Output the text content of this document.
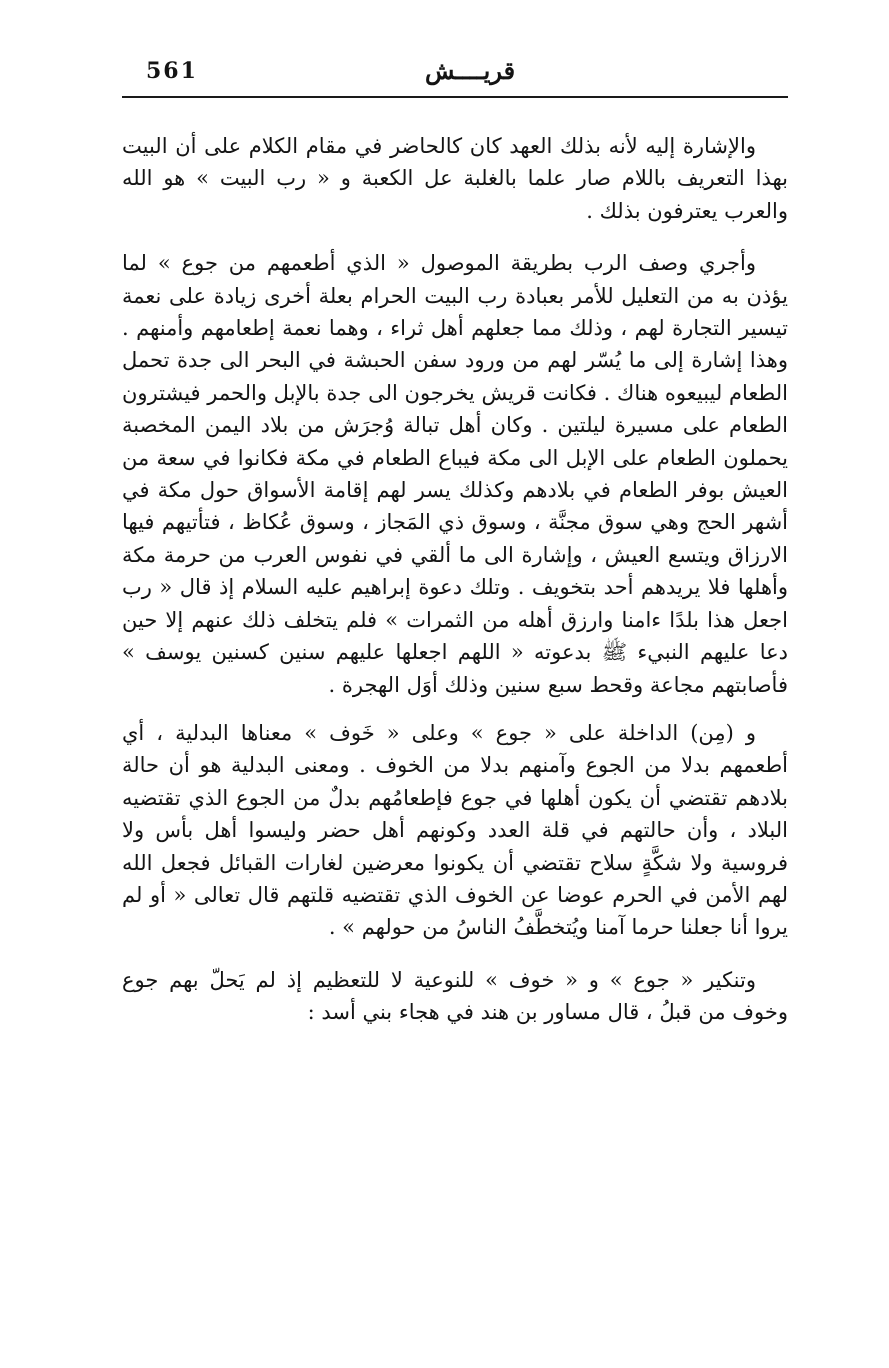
561	قريــــش

والإشارة إليه لأنه بذلك العهد كان كالحاضر في مقام الكلام على أن البيت بهذا التعريف باللام صار علما بالغلبة عل الكعبة و « رب البيت » هو الله والعرب يعترفون بذلك .

وأجري وصف الرب بطريقة الموصول « الذي أطعمهم من جوع » لما يؤذن به من التعليل للأمر بعبادة رب البيت الحرام بعلة أخرى زيادة على نعمة تيسير التجارة لهم ، وذلك مما جعلهم أهل ثراء ، وهما نعمة إطعامهم وأمنهم . وهذا إشارة إلى ما يُسّر لهم من ورود سفن الحبشة في البحر الى جدة تحمل الطعام ليبيعوه هناك . فكانت قريش يخرجون الى جدة بالإبل والحمر فيشترون الطعام على مسيرة ليلتين . وكان أهل تبالة وُجرَش من بلاد اليمن المخصبة يحملون الطعام على الإبل الى مكة فيباع الطعام في مكة فكانوا في سعة من العيش بوفر الطعام في بلادهم وكذلك يسر لهم إقامة الأسواق حول مكة في أشهر الحج وهي سوق مجنَّة ، وسوق ذي المَجاز ، وسوق عُكاظ ، فتأتيهم فيها الارزاق ويتسع العيش ، وإشارة الى ما ألقي في نفوس العرب من حرمة مكة وأهلها فلا يريدهم أحد بتخويف . وتلك دعوة إبراهيم عليه السلام إذ قال « رب اجعل هذا بلدًا ءامنا وارزق أهله من الثمرات » فلم يتخلف ذلك عنهم إلا حين دعا عليهم النبيء ﷺ بدعوته « اللهم اجعلها عليهم سنين كسنين يوسف » فأصابتهم مجاعة وقحط سبع سنين وذلك أوَل الهجرة .

و (مِن) الداخلة على « جوع » وعلى « خَوف » معناها البدلية ، أي أطعمهم بدلا من الجوع وآمنهم بدلا من الخوف . ومعنى البدلية هو أن حالة بلادهم تقتضي أن يكون أهلها في جوع فإطعامُهم بدلٌ من الجوع الذي تقتضيه البلاد ، وأن حالتهم في قلة العدد وكونهم أهل حضر وليسوا أهل بأس ولا فروسية ولا شكَّةٍ سلاح تقتضي أن يكونوا معرضين لغارات القبائل فجعل الله لهم الأمن في الحرم عوضا عن الخوف الذي تقتضيه قلتهم قال تعالى « أو لم يروا أنا جعلنا حرما آمنا ويُتخطَّفُ الناسُ من حولهم » .

وتنكير « جوع » و « خوف » للنوعية لا للتعظيم إذ لم يَحلّ بهم جوع وخوف من قبلُ ، قال مساور بن هند في هجاء بني أسد :
